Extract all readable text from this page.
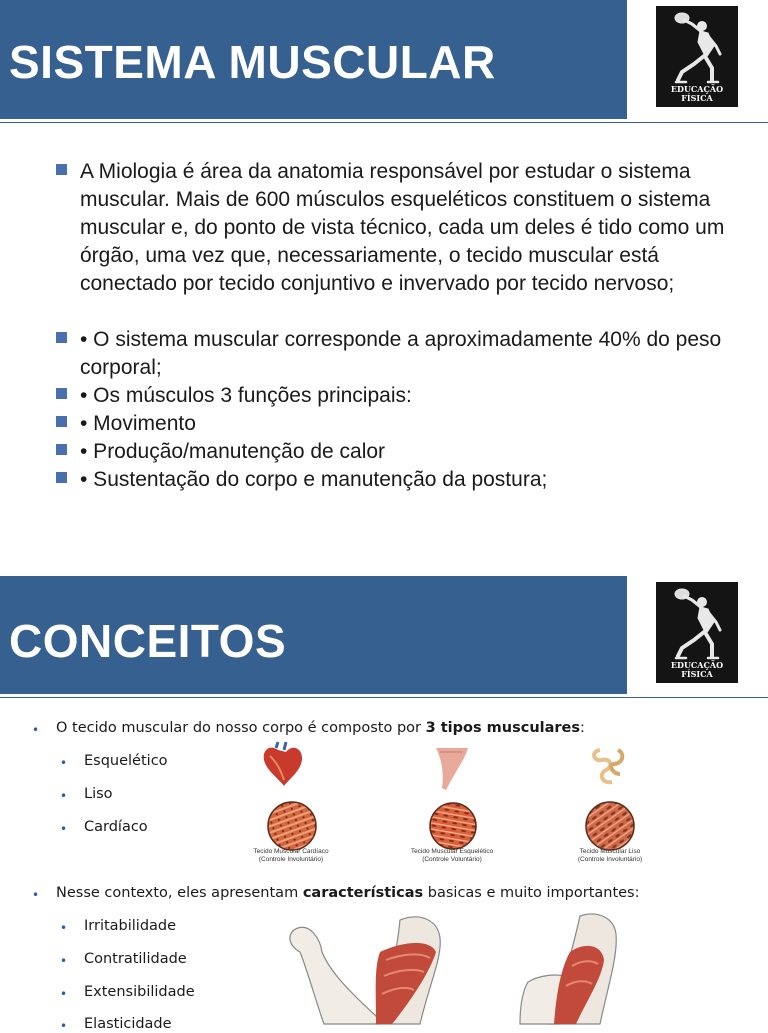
SISTEMA MUSCULAR
EDUCAÇÃO
FÍSICA
A Miologia é área da anatomia responsável por estudar o sistema muscular. Mais de 600 músculos esqueléticos constituem o sistema muscular e, do ponto de vista técnico, cada um deles é tido como um órgão, uma vez que, necessariamente, o tecido muscular está conectado por tecido conjuntivo e invervado por tecido nervoso;
• O sistema muscular corresponde a aproximadamente 40% do peso corporal;
• Os músculos 3 funções principais:
• Movimento
• Produção/manutenção de calor
• Sustentação do corpo e manutenção da postura;
CONCEITOS	EDUCAÇÃO
FÍSICA
• O tecido muscular do nosso corpo é composto por 3 tipos musculares:
• Esquelético
• Liso
• Cardíaco
Tecido Muscular Cardíaco
(Controle Involuntário)
Tecido Muscular Esquelético
(Controle Voluntário)
Tecido Muscular Liso
(Controle Involuntário)
• Nesse contexto, eles apresentam características basicas e muito importantes:
• Irritabilidade
• Contratilidade
• Extensibilidade
• Elasticidade
